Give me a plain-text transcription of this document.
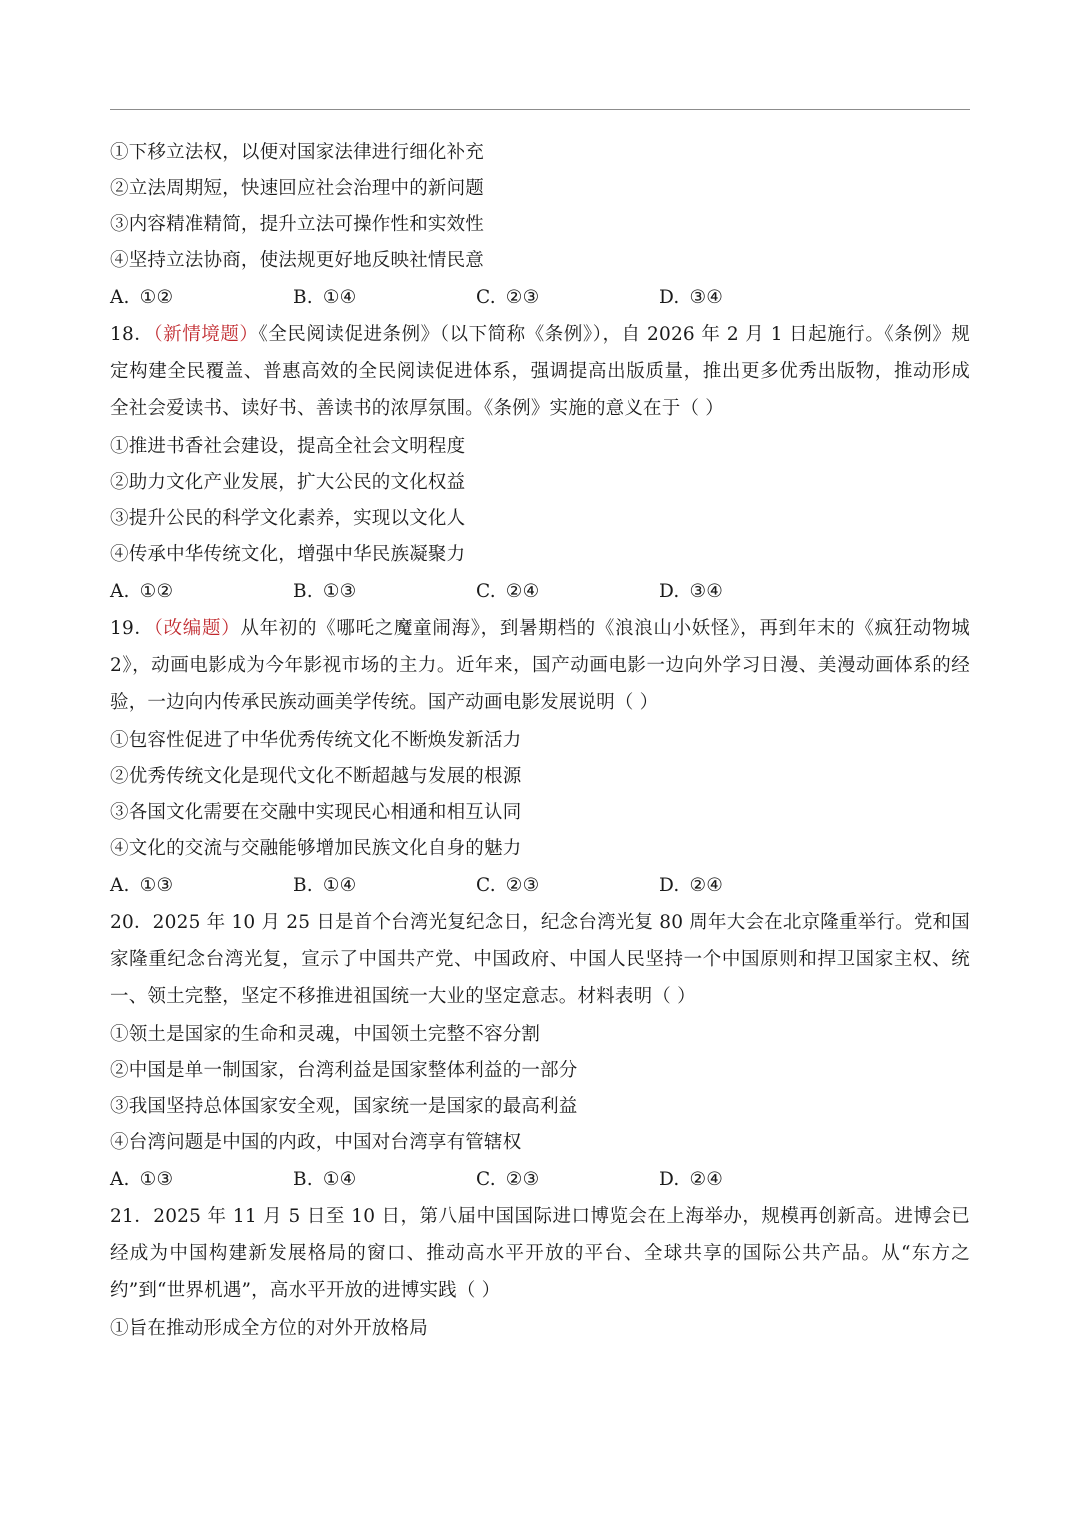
①下移立法权，以便对国家法律进行细化补充
②立法周期短，快速回应社会治理中的新问题
③内容精准精简，提升立法可操作性和实效性
④坚持立法协商，使法规更好地反映社情民意
A. ①②	B. ①④	C. ②③	D. ③④
18．（新情境题）《全民阅读促进条例》（以下简称《条例》），自 2026 年 2 月 1 日起施行。《条例》规定构建全民覆盖、普惠高效的全民阅读促进体系，强调提高出版质量，推出更多优秀出版物，推动形成全社会爱读书、读好书、善读书的浓厚氛围。《条例》实施的意义在于（ ）
①推进书香社会建设，提高全社会文明程度
②助力文化产业发展，扩大公民的文化权益
③提升公民的科学文化素养，实现以文化人
④传承中华传统文化，增强中华民族凝聚力
A. ①②	B. ①③	C. ②④	D. ③④
19．（改编题）从年初的《哪吒之魔童闹海》，到暑期档的《浪浪山小妖怪》，再到年末的《疯狂动物城 2》，动画电影成为今年影视市场的主力。近年来，国产动画电影一边向外学习日漫、美漫动画体系的经验，一边向内传承民族动画美学传统。国产动画电影发展说明（ ）
①包容性促进了中华优秀传统文化不断焕发新活力
②优秀传统文化是现代文化不断超越与发展的根源
③各国文化需要在交融中实现民心相通和相互认同
④文化的交流与交融能够增加民族文化自身的魅力
A. ①③	B. ①④	C. ②③	D. ②④
20．2025 年 10 月 25 日是首个台湾光复纪念日，纪念台湾光复 80 周年大会在北京隆重举行。党和国家隆重纪念台湾光复，宣示了中国共产党、中国政府、中国人民坚持一个中国原则和捍卫国家主权、统一、领土完整，坚定不移推进祖国统一大业的坚定意志。材料表明（ ）
①领土是国家的生命和灵魂，中国领土完整不容分割
②中国是单一制国家，台湾利益是国家整体利益的一部分
③我国坚持总体国家安全观，国家统一是国家的最高利益
④台湾问题是中国的内政，中国对台湾享有管辖权
A. ①③	B. ①④	C. ②③	D. ②④
21．2025 年 11 月 5 日至 10 日，第八届中国国际进口博览会在上海举办，规模再创新高。进博会已经成为中国构建新发展格局的窗口、推动高水平开放的平台、全球共享的国际公共产品。从“东方之约”到“世界机遇”，高水平开放的进博实践（ ）
①旨在推动形成全方位的对外开放格局
